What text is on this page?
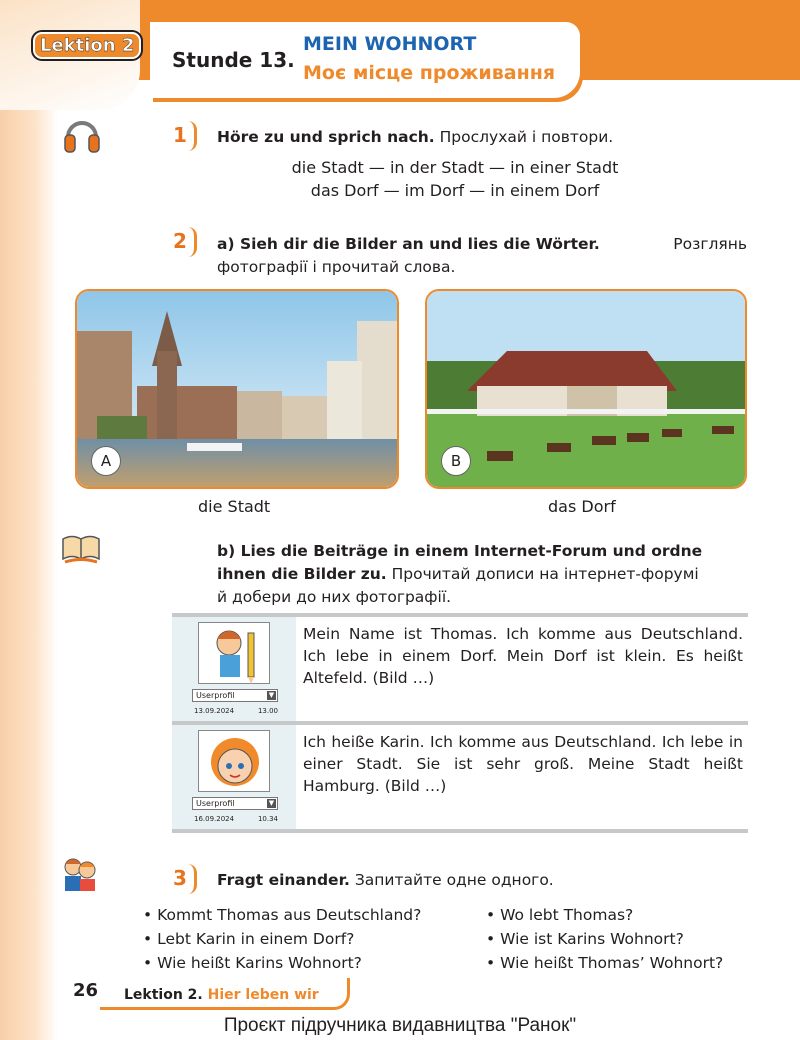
Lektion 2
Stunde 13.
MEIN WOHNORT
Моє місце проживання
1 Höre zu und sprich nach. Прослухай і повтори.
die Stadt — in der Stadt — in einer Stadt
das Dorf — im Dorf — in einem Dorf
2 a) Sieh dir die Bilder an und lies die Wörter.	Розглянь
фотографії і прочитай слова.
A	B
die Stadt	das Dorf
b) Lies die Beiträge in einem Internet-Forum und ordne
ihnen die Bilder zu. Прочитай дописи на інтернет-форумі
й добери до них фотографії.
Userprofil	▼
13.09.2024	13.00
Mein Name ist Thomas. Ich komme aus Deutschland. Ich lebe in einem Dorf. Mein Dorf ist klein. Es heißt Altefeld. (Bild …)
Userprofil	▼
16.09.2024	10.34
Ich heiße Karin. Ich komme aus Deutschland. Ich lebe in einer Stadt. Sie ist sehr groß. Meine Stadt heißt Hamburg. (Bild …)
3 Fragt einander. Запитайте одне одного.
• Kommt Thomas aus Deutschland?
• Lebt Karin in einem Dorf?
• Wie heißt Karins Wohnort?
• Wo lebt Thomas?
• Wie ist Karins Wohnort?
• Wie heißt Thomas’ Wohnort?
26 Lektion 2. Hier leben wir
Проєкт підручника видавництва "Ранок"
